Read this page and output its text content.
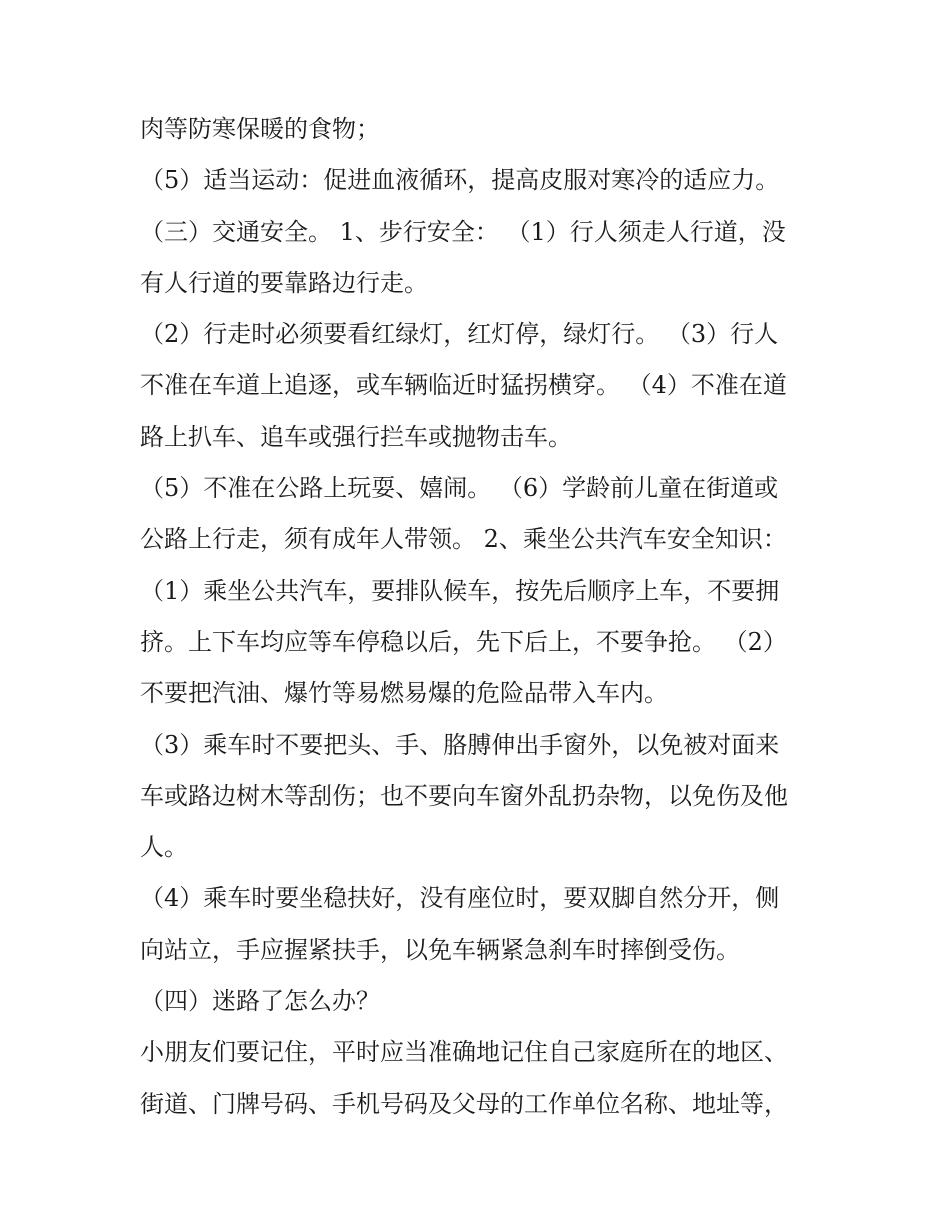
肉等防寒保暖的食物；
（5）适当运动：促进血液循环，提高皮服对寒冷的适应力。
（三）交通安全。 1、步行安全： （1）行人须走人行道，没
有人行道的要靠路边行走。
（2）行走时必须要看红绿灯，红灯停，绿灯行。 （3）行人
不准在车道上追逐，或车辆临近时猛拐横穿。 （4）不准在道
路上扒车、追车或强行拦车或抛物击车。
（5）不准在公路上玩耍、嬉闹。 （6）学龄前儿童在街道或
公路上行走，须有成年人带领。 2、乘坐公共汽车安全知识：
（1）乘坐公共汽车，要排队候车，按先后顺序上车，不要拥
挤。上下车均应等车停稳以后，先下后上，不要争抢。 （2）
不要把汽油、爆竹等易燃易爆的危险品带入车内。
（3）乘车时不要把头、手、胳膊伸出手窗外，以免被对面来
车或路边树木等刮伤；也不要向车窗外乱扔杂物，以免伤及他
人。
（4）乘车时要坐稳扶好，没有座位时，要双脚自然分开，侧
向站立，手应握紧扶手，以免车辆紧急刹车时摔倒受伤。
（四）迷路了怎么办？
小朋友们要记住，平时应当准确地记住自己家庭所在的地区、
街道、门牌号码、手机号码及父母的工作单位名称、地址等，
